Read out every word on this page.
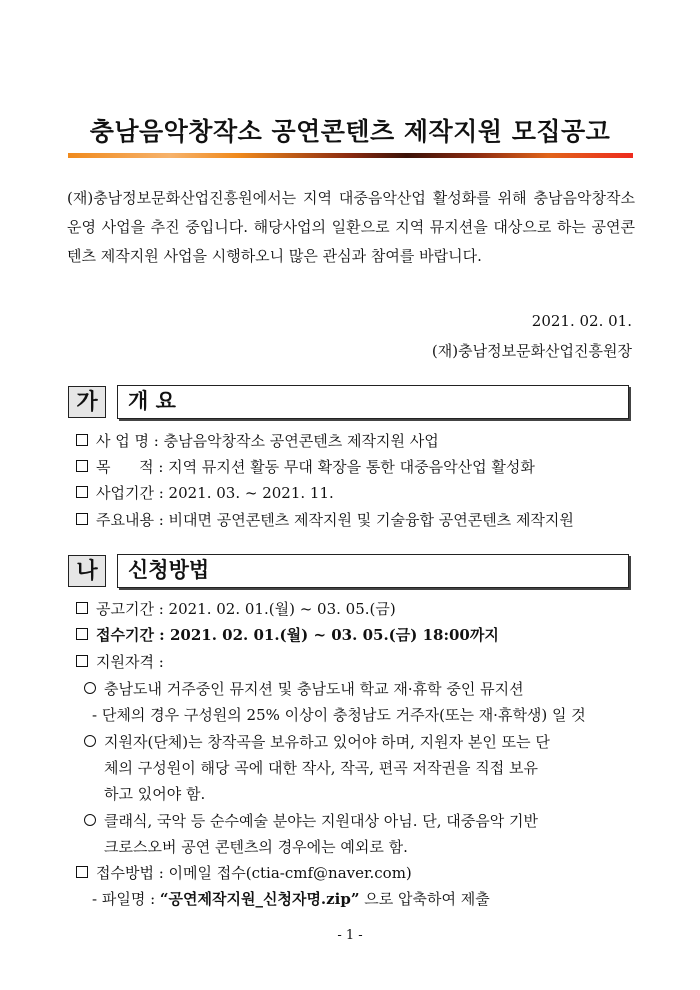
충남음악창작소 공연콘텐츠 제작지원 모집공고
(재)충남정보문화산업진흥원에서는 지역 대중음악산업 활성화를 위해 충남음악창작소 운영 사업을 추진 중입니다. 해당사업의 일환으로 지역 뮤지션을 대상으로 하는 공연콘텐츠 제작지원 사업을 시행하오니 많은 관심과 참여를 바랍니다.
2021. 02. 01.
(재)충남정보문화산업진흥원장
가	개 요
사 업 명 : 충남음악창작소 공연콘텐츠 제작지원 사업
목      적 : 지역 뮤지션 활동 무대 확장을 통한 대중음악산업 활성화
사업기간 : 2021. 03. ~ 2021. 11.
주요내용 : 비대면 공연콘텐츠 제작지원 및 기술융합 공연콘텐츠 제작지원
나	신청방법
공고기간 : 2021. 02. 01.(월) ~ 03. 05.(금)
접수기간 : 2021. 02. 01.(월) ~ 03. 05.(금) 18:00까지
지원자격 :
충남도내 거주중인 뮤지션 및 충남도내 학교 재·휴학 중인 뮤지션
- 단체의 경우 구성원의 25% 이상이 충청남도 거주자(또는 재·휴학생) 일 것
지원자(단체)는 창작곡을 보유하고 있어야 하며, 지원자 본인 또는 단
체의 구성원이 해당 곡에 대한 작사, 작곡, 편곡 저작권을 직접 보유
하고 있어야 함.
클래식, 국악 등 순수예술 분야는 지원대상 아님. 단, 대중음악 기반
크로스오버 공연 콘텐츠의 경우에는 예외로 함.
접수방법 : 이메일 접수(ctia-cmf@naver.com)
- 파일명 : “공연제작지원_신청자명.zip” 으로 압축하여 제출
- 1 -
